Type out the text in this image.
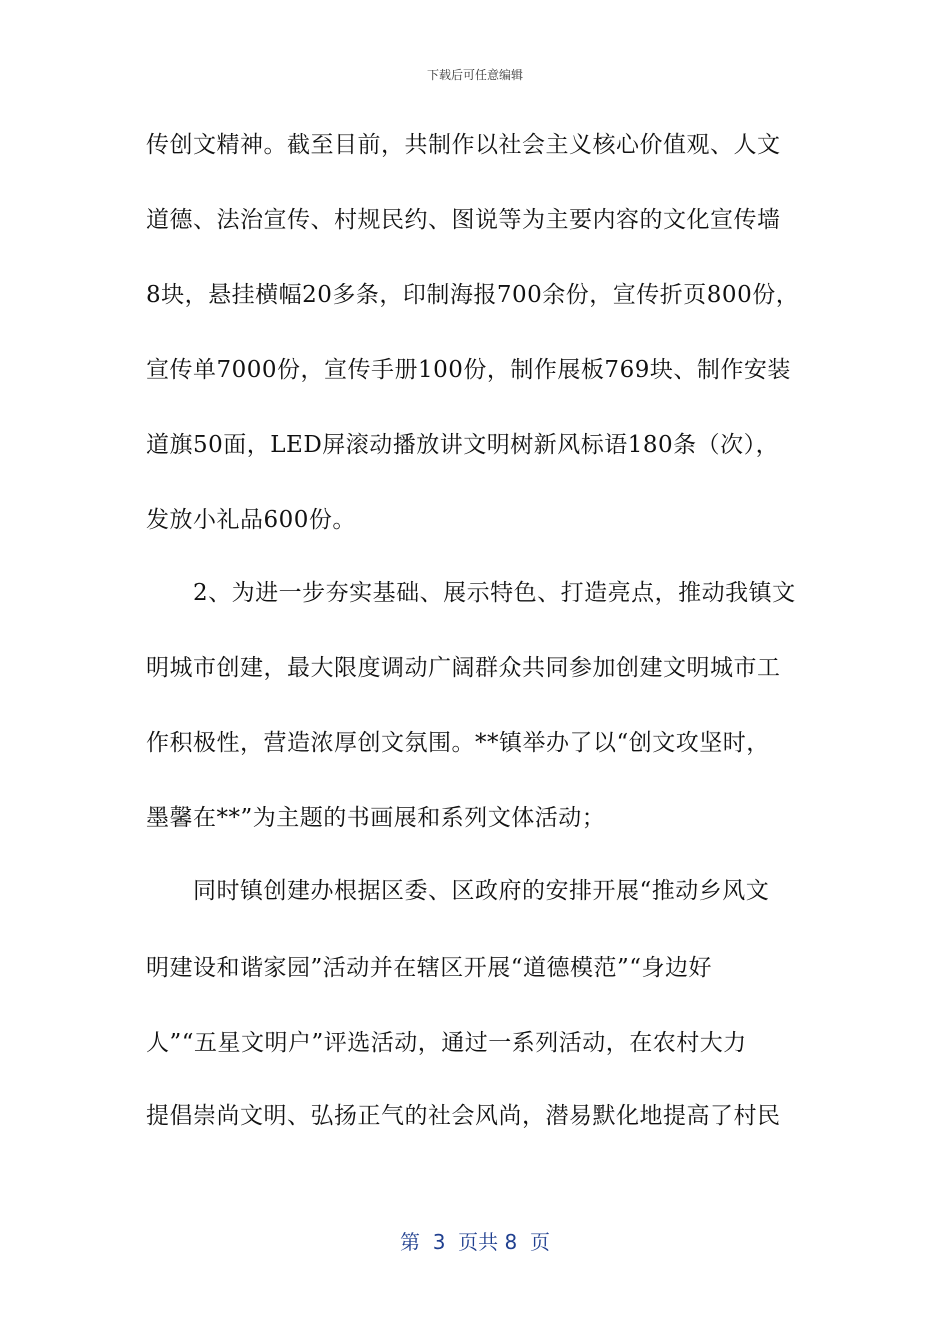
下载后可任意编辑
传创文精神。截至目前，共制作以社会主义核心价值观、人文
道德、法治宣传、村规民约、图说等为主要内容的文化宣传墙
8块，悬挂横幅20多条，印制海报700余份，宣传折页800份，
宣传单7000份，宣传手册100份，制作展板769块、制作安装
道旗50面，LED屏滚动播放讲文明树新风标语180条（次），
发放小礼品600份。
　　2、为进一步夯实基础、展示特色、打造亮点，推动我镇文
明城市创建，最大限度调动广阔群众共同参加创建文明城市工
作积极性，营造浓厚创文氛围。**镇举办了以“创文攻坚时，
墨馨在**”为主题的书画展和系列文体活动；
　　同时镇创建办根据区委、区政府的安排开展“推动乡风文
明建设和谐家园”活动并在辖区开展“道德模范”“身边好
人”“五星文明户”评选活动，通过一系列活动，在农村大力
提倡崇尚文明、弘扬正气的社会风尚，潜易默化地提高了村民
第  3  页共 8  页
